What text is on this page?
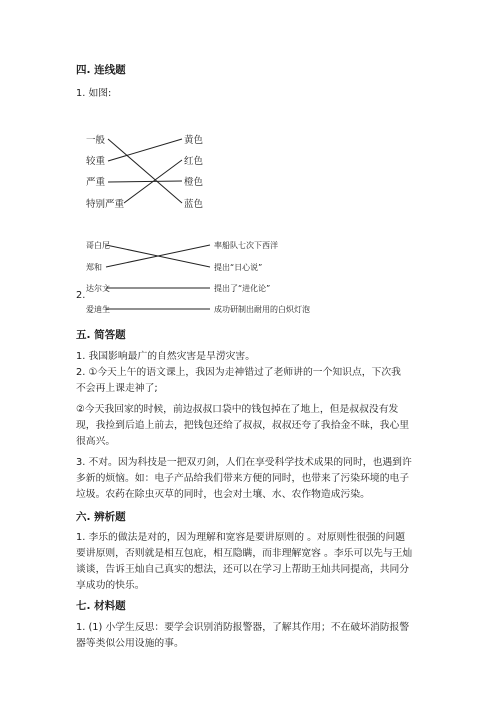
四. 连线题
1. 如图:
一般
较重
严重
特别严重
黄色
红色
橙色
蓝色
哥白尼
郑和
达尔文
爱迪生
率船队七次下西洋
提出“日心说”
提出了“进化论”
成功研制出耐用的白炽灯泡
2.
五. 简答题
1. 我国影响最广的自然灾害是旱涝灾害。
2. ①今天上午的语文课上，我因为走神错过了老师讲的一个知识点，下次我
不会再上课走神了;
②今天我回家的时候，前边叔叔口袋中的钱包掉在了地上，但是叔叔没有发
现，我捡到后追上前去，把钱包还给了叔叔，叔叔还夸了我拾金不昧，我心里
很高兴。
3. 不对。因为科技是一把双刃剑，人们在享受科学技术成果的同时，也遇到许
多新的烦恼。如：电子产品给我们带来方便的同时，也带来了污染环境的电子
垃圾。农药在除虫灭草的同时，也会对土壤、水、农作物造成污染。
六. 辨析题
1. 李乐的做法是对的，因为理解和宽容是要讲原则的 。对原则性很强的问题
要讲原则，否则就是相互包庇，相互隐瞒，而非理解宽容 。李乐可以先与王灿
谈谈，告诉王灿自己真实的想法，还可以在学习上帮助王灿共同提高，共同分
享成功的快乐。
七. 材料题
1. (1) 小学生反思：要学会识别消防报警器，了解其作用；不在破坏消防报警
器等类似公用设施的事。
